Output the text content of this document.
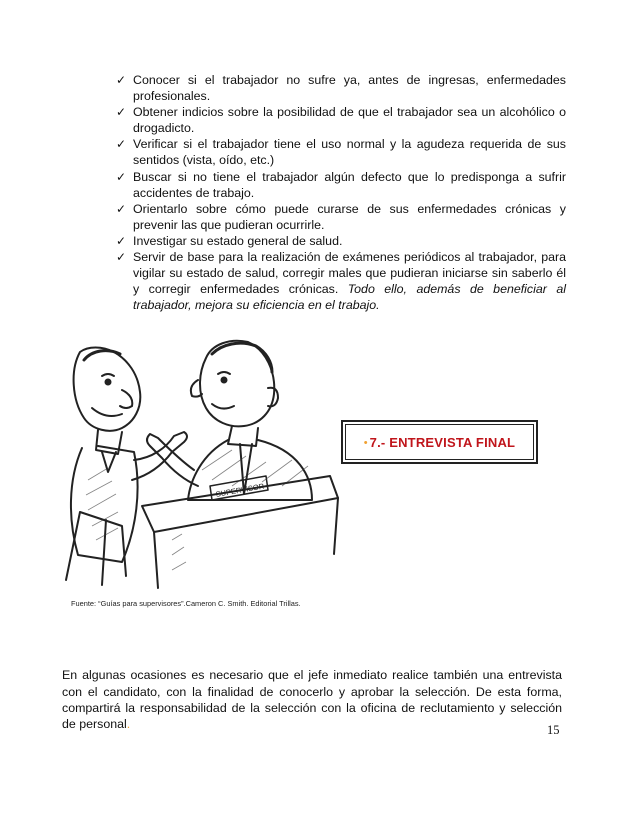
✓ Conocer si el trabajador no sufre ya, antes de ingresas, enfermedades profesionales.
✓ Obtener indicios sobre la posibilidad de que el trabajador sea un alcohólico o drogadicto.
✓ Verificar si el trabajador tiene el uso normal y la agudeza requerida de sus sentidos (vista, oído, etc.)
✓ Buscar si no tiene el trabajador algún defecto que lo predisponga a sufrir accidentes de trabajo.
✓ Orientarlo sobre cómo puede curarse de sus enfermedades crónicas y prevenir las que pudieran ocurrirle.
✓ Investigar su estado general de salud.
✓ Servir de base para la realización de exámenes periódicos al trabajador, para vigilar su estado de salud, corregir males que pudieran iniciarse sin saberlo él y corregir enfermedades crónicas. Todo ello, además de beneficiar al trabajador, mejora su eficiencia en el trabajo.
SUPERVISOR
Fuente: “Guías para supervisores”.Cameron C. Smith. Editorial Trillas.
• 7.- ENTREVISTA FINAL

En algunas ocasiones es necesario que el jefe inmediato realice también una entrevista con el candidato, con la finalidad de conocerlo y aprobar la selección. De esta forma, compartirá la responsabilidad de la selección con la oficina de reclutamiento y selección de personal.	15
